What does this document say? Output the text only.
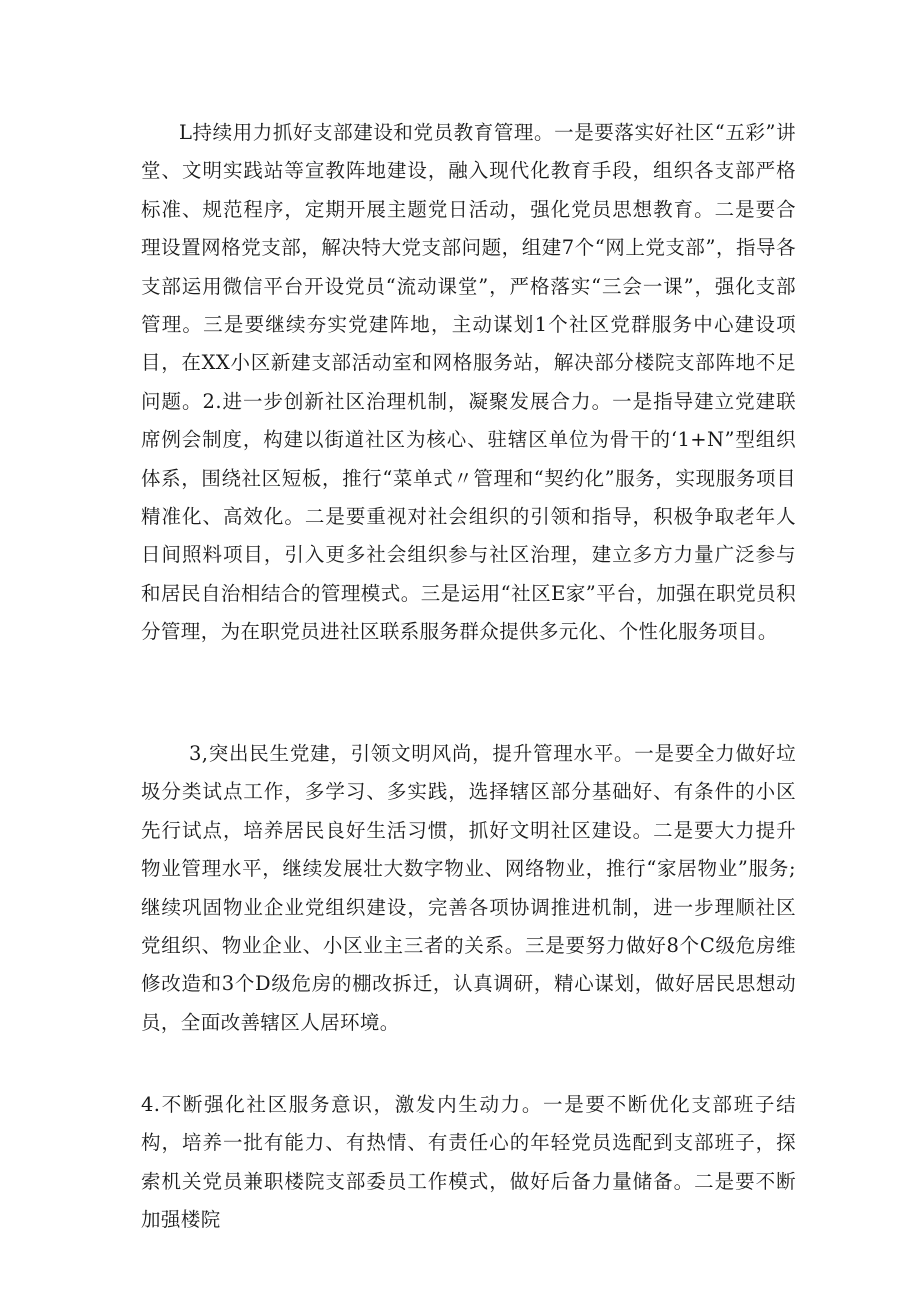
L持续用力抓好支部建设和党员教育管理。一是要落实好社区“五彩”讲堂、文明实践站等宣教阵地建设，融入现代化教育手段，组织各支部严格标准、规范程序，定期开展主题党日活动，强化党员思想教育。二是要合理设置网格党支部，解决特大党支部问题，组建7个“网上党支部”，指导各支部运用微信平台开设党员“流动课堂”，严格落实“三会一课”，强化支部管理。三是要继续夯实党建阵地，主动谋划1个社区党群服务中心建设项目，在XX小区新建支部活动室和网格服务站，解决部分楼院支部阵地不足问题。2.进一步创新社区治理机制，凝聚发展合力。一是指导建立党建联席例会制度，构建以街道社区为核心、驻辖区单位为骨干的‘1+N”型组织体系，围绕社区短板，推行“菜单式〃管理和“契约化”服务，实现服务项目精准化、高效化。二是要重视对社会组织的引领和指导，积极争取老年人日间照料项目，引入更多社会组织参与社区治理，建立多方力量广泛参与和居民自治相结合的管理模式。三是运用“社区E家”平台，加强在职党员积分管理，为在职党员进社区联系服务群众提供多元化、个性化服务项目。

3,突出民生党建，引领文明风尚，提升管理水平。一是要全力做好垃圾分类试点工作，多学习、多实践，选择辖区部分基础好、有条件的小区先行试点，培养居民良好生活习惯，抓好文明社区建设。二是要大力提升物业管理水平，继续发展壮大数字物业、网络物业，推行“家居物业”服务;继续巩固物业企业党组织建设，完善各项协调推进机制，进一步理顺社区党组织、物业企业、小区业主三者的关系。三是要努力做好8个C级危房维修改造和3个D级危房的棚改拆迁，认真调研，精心谋划，做好居民思想动员，全面改善辖区人居环境。

4.不断强化社区服务意识，激发内生动力。一是要不断优化支部班子结构，培养一批有能力、有热情、有责任心的年轻党员选配到支部班子，探索机关党员兼职楼院支部委员工作模式，做好后备力量储备。二是要不断加强楼院
